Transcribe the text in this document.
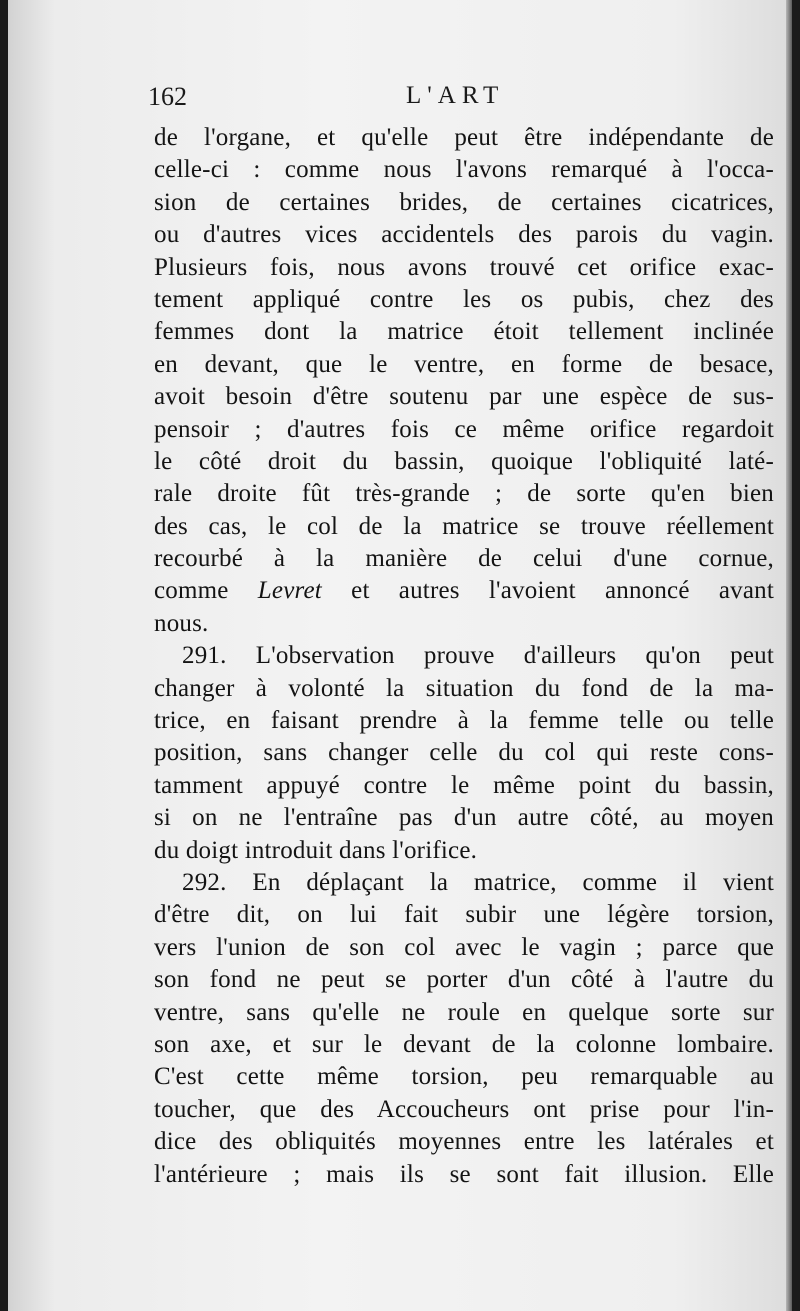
162	L'ART
de l'organe, et qu'elle peut être indépendante de
celle-ci : comme nous l'avons remarqué à l'occa-
sion de certaines brides, de certaines cicatrices,
ou d'autres vices accidentels des parois du vagin.
Plusieurs fois, nous avons trouvé cet orifice exac-
tement appliqué contre les os pubis, chez des
femmes dont la matrice étoit tellement inclinée
en devant, que le ventre, en forme de besace,
avoit besoin d'être soutenu par une espèce de sus-
pensoir ; d'autres fois ce même orifice regardoit
le côté droit du bassin, quoique l'obliquité laté-
rale droite fût très-grande ; de sorte qu'en bien
des cas, le col de la matrice se trouve réellement
recourbé à la manière de celui d'une cornue,
comme Levret et autres l'avoient annoncé avant
nous.
291. L'observation prouve d'ailleurs qu'on peut
changer à volonté la situation du fond de la ma-
trice, en faisant prendre à la femme telle ou telle
position, sans changer celle du col qui reste cons-
tamment appuyé contre le même point du bassin,
si on ne l'entraîne pas d'un autre côté, au moyen
du doigt introduit dans l'orifice.
292. En déplaçant la matrice, comme il vient
d'être dit, on lui fait subir une légère torsion,
vers l'union de son col avec le vagin ; parce que
son fond ne peut se porter d'un côté à l'autre du
ventre, sans qu'elle ne roule en quelque sorte sur
son axe, et sur le devant de la colonne lombaire.
C'est cette même torsion, peu remarquable au
toucher, que des Accoucheurs ont prise pour l'in-
dice des obliquités moyennes entre les latérales et
l'antérieure ; mais ils se sont fait illusion. Elle
